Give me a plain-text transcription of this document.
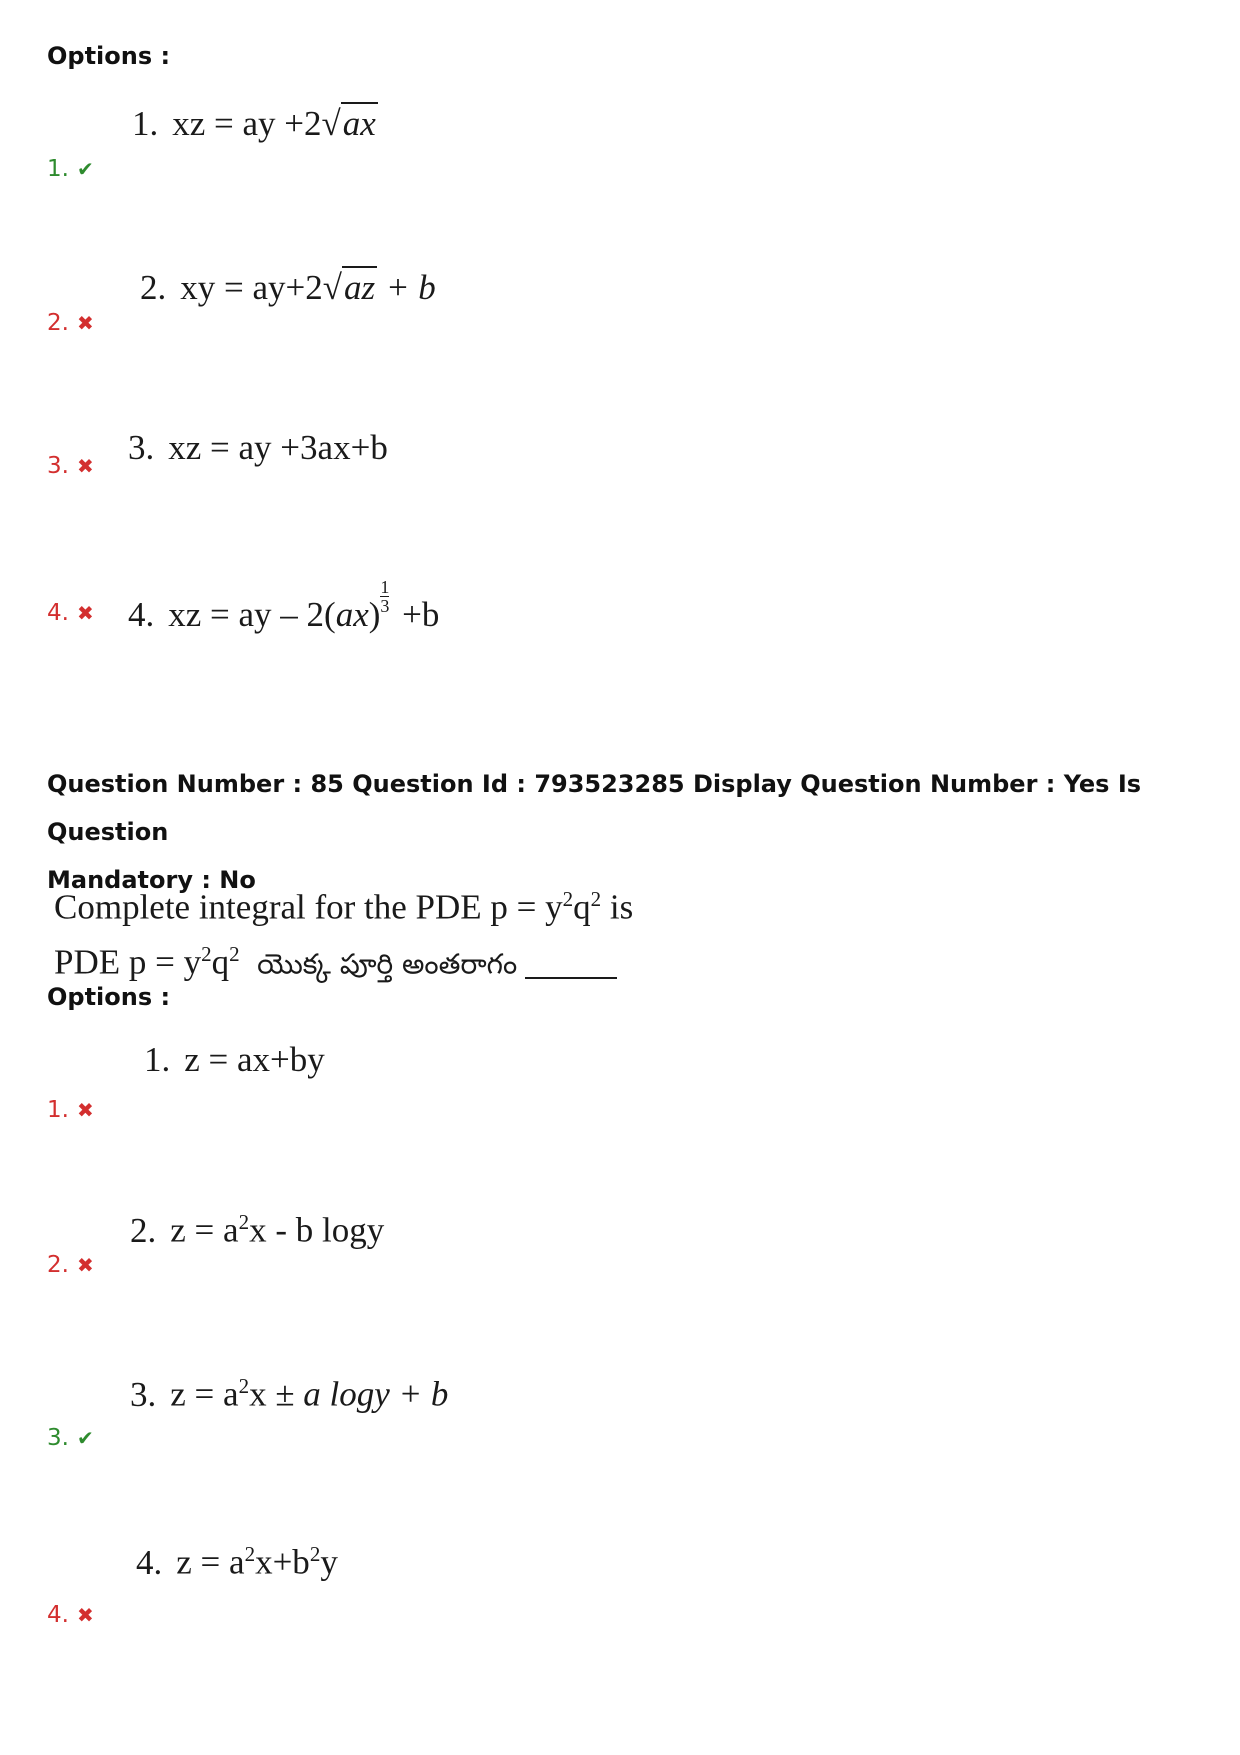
Options :
1. ✔
1. xz = ay +2√ax
2. ✖
2. xy = ay+2√az + b
3. ✖ 3. xz = ay +3ax+b
4. ✖ 4. xz = ay – $2(ax) \frac{1}{3} +b$
Question Number : 85 Question Id : 793523285 Display Question Number : Yes Is Question
Mandatory : No
Complete integral for the PDE $p = y^2q^2$ is
PDE $p = y^2q^2$ యొక్క పూర్తి అంతరాగం
Options :
1. ✖
1. z = ax+by
2. ✖
2. $z = a^2x - b$ logy
3. ✔
3. $z = a^2x \pm a$ logy + b
4. ✖
4. $z = a^2x+b^2y$
